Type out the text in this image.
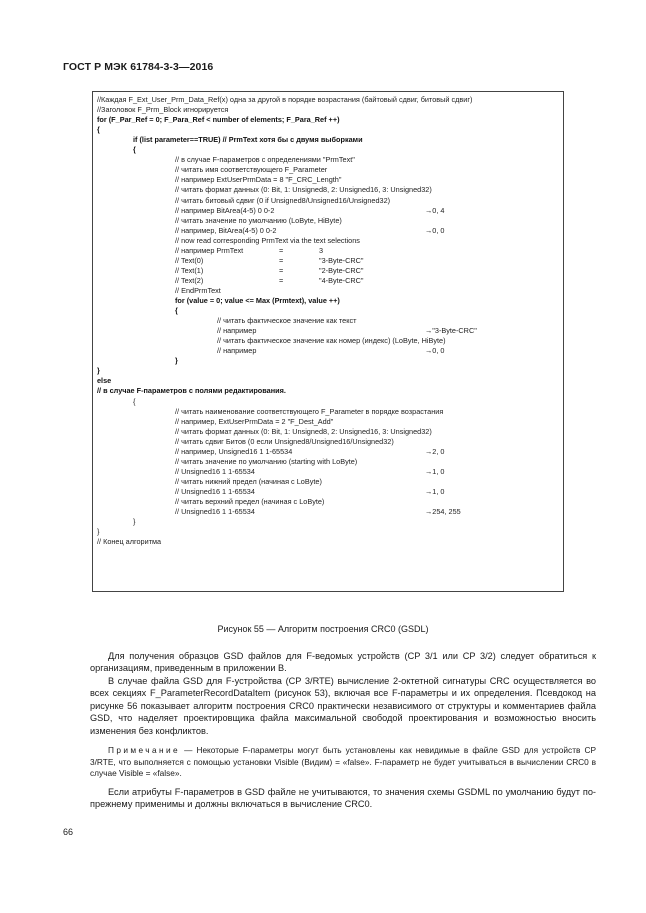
ГОСТ Р МЭК 61784-3-3—2016
//Каждая F_Ext_User_Prm_Data_Ref(x) одна за другой в порядке возрастания (байтовый сдвиг, битовый сдвиг)
//Заголовок F_Prm_Block игнорируется
for (F_Par_Ref = 0; F_Para_Ref < number of elements; F_Para_Ref ++)
{
if (list parameter==TRUE) // PrmText хотя бы с двумя выборками
{
// в случае F-параметров с определениями "PrmText"
// читать имя соответствующего F_Parameter
// например ExtUserPrmData = 8 "F_CRC_Length"
// читать формат данных (0: Bit, 1: Unsigned8, 2: Unsigned16, 3: Unsigned32)
// читать битовый сдвиг (0 if Unsigned8/Unsigned16/Unsigned32)
// например BitArea(4-5) 0 0-2	→0, 4
// читать значение по умолчанию (LoByte, HiByte)
// например, BitArea(4-5) 0 0-2	→0, 0
// now read corresponding PrmText via the text selections
// например PrmText	=	3
// Text(0)	=	"3-Byte-CRC"
// Text(1)	=	"2-Byte-CRC"
// Text(2)	=	"4-Byte-CRC"
// EndPrmText
for (value = 0; value <= Max (Prmtext), value ++)
{
// читать фактическое значение как текст
// например	→"3-Byte-CRC"
// читать фактическое значение как номер (индекс) (LoByte, HiByte)
// например	→0, 0
}
}
else
// в случае F-параметров с полями редактирования.
{
// читать наименование соответствующего F_Parameter в порядке возрастания
// например, ExtUserPrmData = 2 "F_Dest_Add"
// читать формат данных (0: Bit, 1: Unsigned8, 2: Unsigned16, 3: Unsigned32)
// читать сдвиг Битов (0 если Unsigned8/Unsigned16/Unsigned32)
// например, Unsigned16 1 1-65534	→2, 0
// читать значение по умолчанию (starting with LoByte)
// Unsigned16 1 1-65534	→1, 0
// читать нижний предел (начиная с LoByte)
// Unsigned16 1 1-65534	→1, 0
// читать верхний предел (начиная с LoByte)
// Unsigned16 1 1-65534	→254, 255
}
}
// Конец алгоритма
Рисунок 55 — Алгоритм построения CRC0 (GSDL)
Для получения образцов GSD файлов для F-ведомых устройств (CP 3/1 или CP 3/2) следует обратиться к организациям, приведенным в приложении В.
В случае файла GSD для F-устройства (CP 3/RTE) вычисление 2-октетной сигнатуры CRC осуществляется во всех секциях F_ParameterRecordDataItem (рисунок 53), включая все F-параметры и их определения. Псевдокод на рисунке 56 показывает алгоритм построения CRC0 практически независимого от структуры и комментариев файла GSD, что наделяет проектировщика файла максимальной свободой проектирования и возможностью вносить изменения без конфликтов.
Примечание — Некоторые F-параметры могут быть установлены как невидимые в файле GSD для устройств CP 3/RTE, что выполняется с помощью установки Visible (Видим) = «false». F-параметр не будет учитываться в вычислении CRC0 в случае Visible = «false».
Если атрибуты F-параметров в GSD файле не учитываются, то значения схемы GSDML по умолчанию будут по-прежнему применимы и должны включаться в вычисление CRC0.
66
